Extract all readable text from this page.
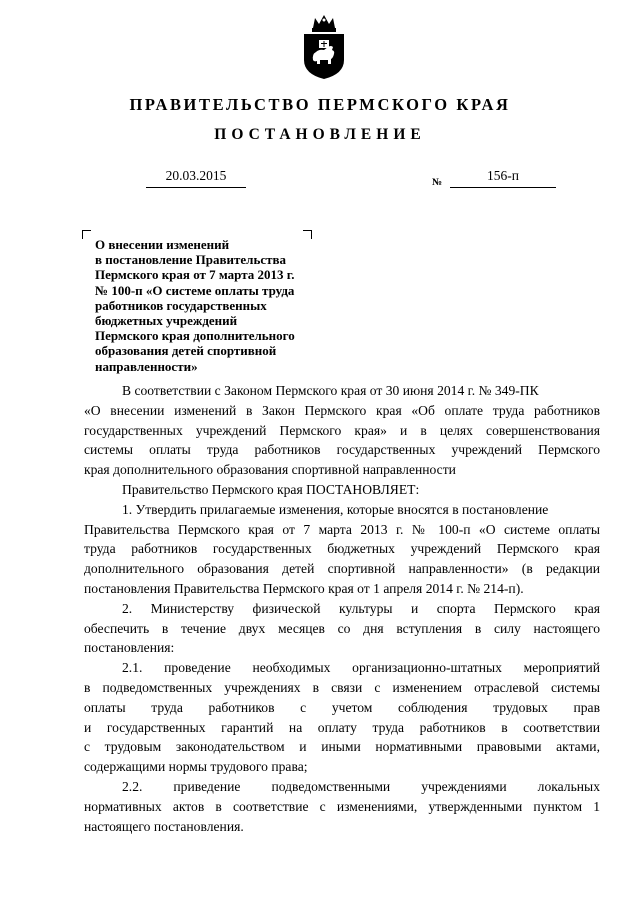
ПРАВИТЕЛЬСТВО ПЕРМСКОГО КРАЯ
ПОСТАНОВЛЕНИЕ
20.03.2015	№	156-п
О внесении изменений
в постановление Правительства
Пермского края от 7 марта 2013 г.
№ 100-п «О системе оплаты труда
работников государственных
бюджетных учреждений
Пермского края дополнительного
образования детей спортивной
направленности»
В соответствии с Законом Пермского края от 30 июня 2014 г. № 349-ПК
«О внесении изменений в Закон Пермского края «Об оплате труда работников
государственных учреждений Пермского края» и в целях совершенствования
системы оплаты труда работников государственных учреждений Пермского
края дополнительного образования спортивной направленности
Правительство Пермского края ПОСТАНОВЛЯЕТ:
1. Утвердить прилагаемые изменения, которые вносятся в постановление
Правительства Пермского края от 7 марта 2013 г. № 100-п «О системе оплаты
труда работников государственных бюджетных учреждений Пермского края
дополнительного образования детей спортивной направленности» (в редакции
постановления Правительства Пермского края от 1 апреля 2014 г. № 214-п).
2. Министерству физической культуры и спорта Пермского края
обеспечить в течение двух месяцев со дня вступления в силу настоящего
постановления:
2.1. проведение необходимых организационно-штатных мероприятий
в подведомственных учреждениях в связи с изменением отраслевой системы
оплаты труда работников с учетом соблюдения трудовых прав
и государственных гарантий на оплату труда работников в соответствии
с трудовым законодательством и иными нормативными правовыми актами,
содержащими нормы трудового права;
2.2. приведение подведомственными учреждениями локальных
нормативных актов в соответствие с изменениями, утвержденными пунктом 1
настоящего постановления.
